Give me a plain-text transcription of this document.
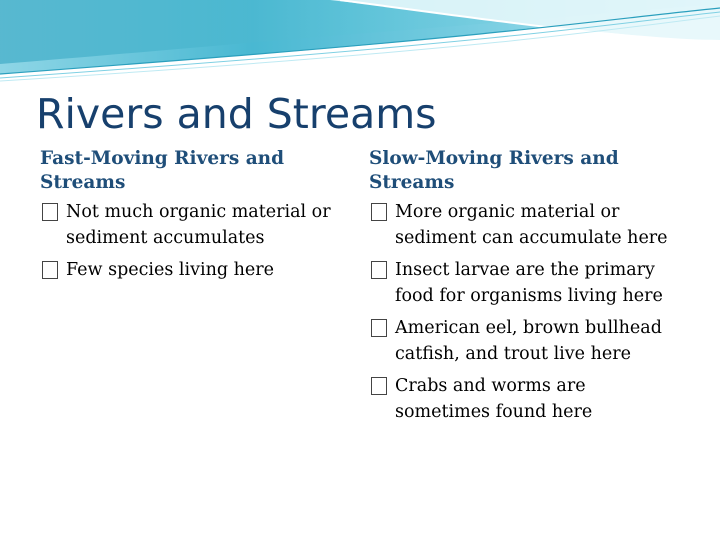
Rivers and Streams
Fast-Moving Rivers and Streams
Not much organic material or sediment accumulates
Few species living here
Slow-Moving Rivers and Streams
More organic material or sediment can accumulate here
Insect larvae are the primary food for organisms living here
American eel, brown bullhead catfish, and trout live here
Crabs and worms are sometimes found here
